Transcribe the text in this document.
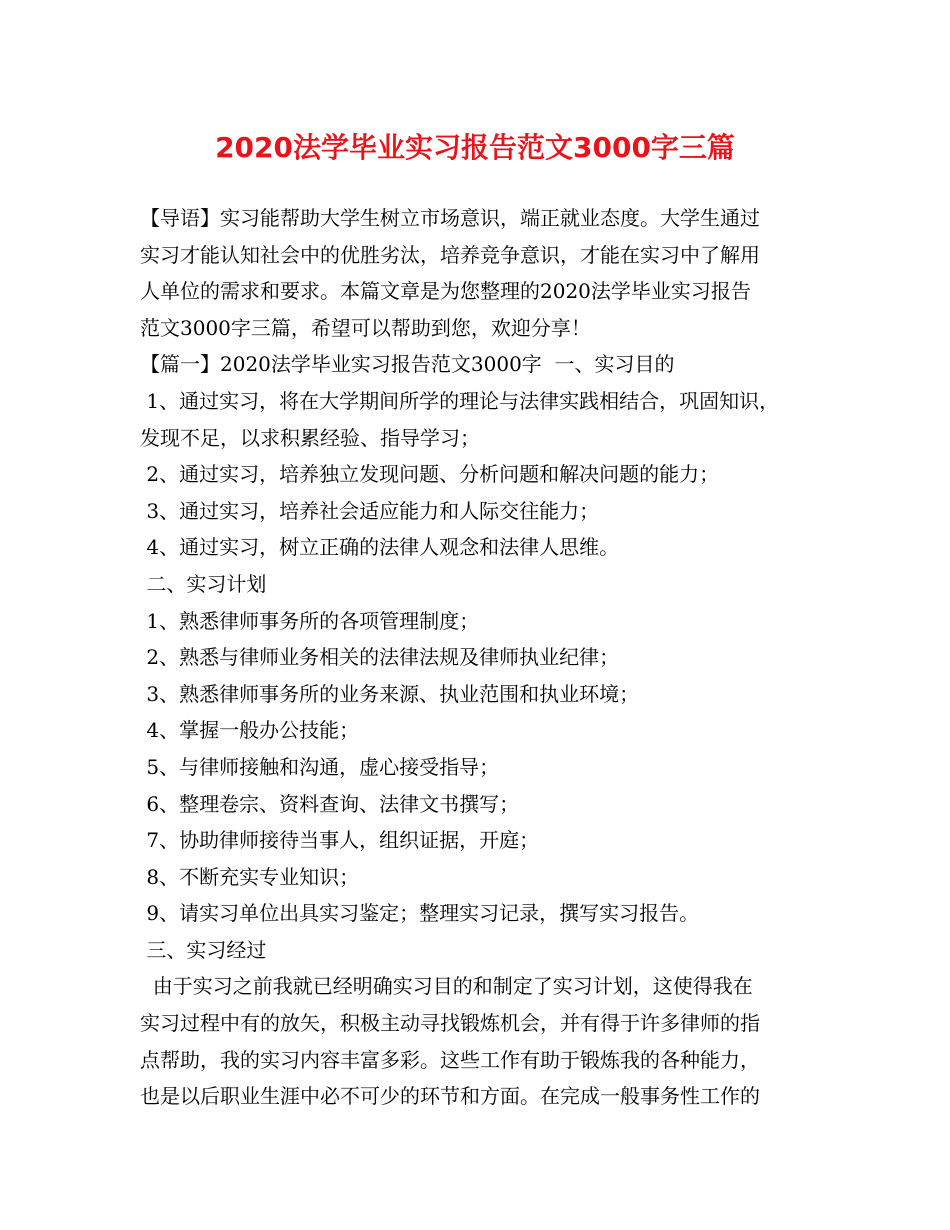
2020法学毕业实习报告范文3000字三篇
【导语】实习能帮助大学生树立市场意识，端正就业态度。大学生通过
实习才能认知社会中的优胜劣汰，培养竞争意识，才能在实习中了解用
人单位的需求和要求。本篇文章是为您整理的2020法学毕业实习报告
范文3000字三篇，希望可以帮助到您，欢迎分享！
【篇一】2020法学毕业实习报告范文3000字  一、实习目的
1、通过实习，将在大学期间所学的理论与法律实践相结合，巩固知识，
发现不足，以求积累经验、指导学习；
2、通过实习，培养独立发现问题、分析问题和解决问题的能力；
3、通过实习，培养社会适应能力和人际交往能力；
4、通过实习，树立正确的法律人观念和法律人思维。
二、实习计划
1、熟悉律师事务所的各项管理制度；
2、熟悉与律师业务相关的法律法规及律师执业纪律；
3、熟悉律师事务所的业务来源、执业范围和执业环境；
4、掌握一般办公技能；
5、与律师接触和沟通，虚心接受指导；
6、整理卷宗、资料查询、法律文书撰写；
7、协助律师接待当事人，组织证据，开庭；
8、不断充实专业知识；
9、请实习单位出具实习鉴定；整理实习记录，撰写实习报告。
三、实习经过
由于实习之前我就已经明确实习目的和制定了实习计划，这使得我在
实习过程中有的放矢，积极主动寻找锻炼机会，并有得于许多律师的指
点帮助，我的实习内容丰富多彩。这些工作有助于锻炼我的各种能力，
也是以后职业生涯中必不可少的环节和方面。在完成一般事务性工作的
